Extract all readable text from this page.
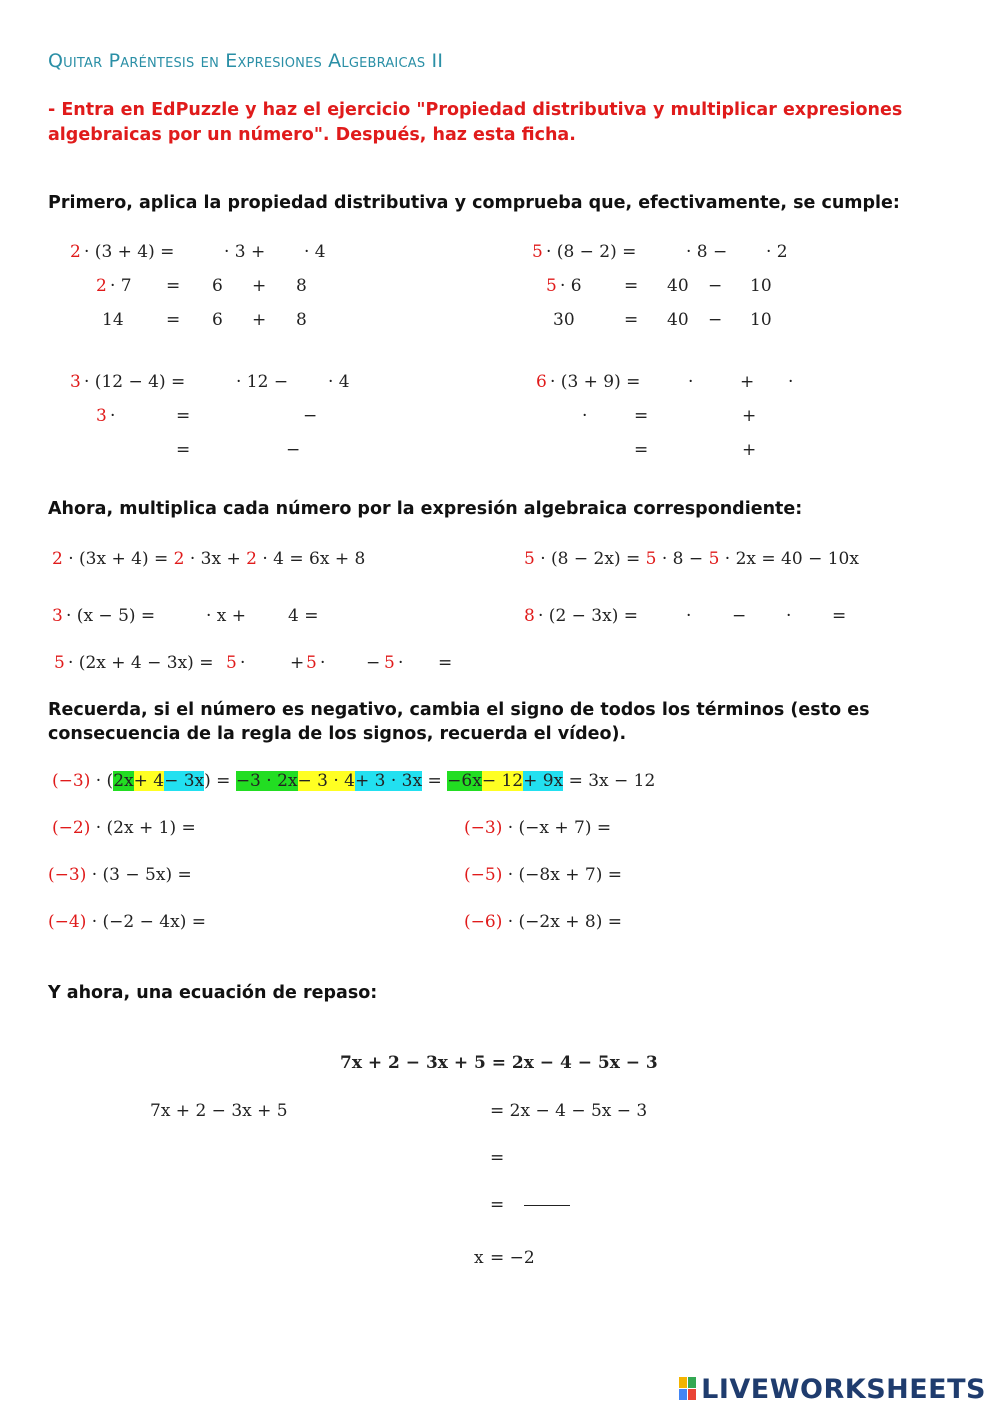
Quitar Paréntesis en Expresiones Algebraicas II
- Entra en EdPuzzle y haz el ejercicio "Propiedad distributiva y multiplicar expresiones algebraicas por un número". Después, haz esta ficha.
Primero, aplica la propiedad distributiva y comprueba que, efectivamente, se cumple:
2 · (3 + 4) =	· 3 + · 4
2 · 7 = 6 + 8
14 = 6 + 8
5 · (8 − 2) =	· 8 − · 2
5 · 6 = 40 − 10
30	= 40 − 10
3 · (12 − 4) =	· 12 − · 4
3 ·	=	−
=	−
6 · (3 + 9) =	·	+ ·
·	=	+
=	+
Ahora, multiplica cada número por la expresión algebraica correspondiente:
2 · (3x + 4) = 2 · 3x + 2 · 4 = 6x + 8	5 · (8 − 2x) = 5 · 8 − 5 · 2x = 40 − 10x
3 · (x − 5) =	· x + 4 =	8 · (2 − 3x) =	· − · =
5 · (2x + 4 − 3x) = 5 ·	+ 5 · − 5 · =
Recuerda, si el número es negativo, cambia el signo de todos los términos (esto es consecuencia de la regla de los signos, recuerda el vídeo).
(−3) · (2x+ 4− 3x) = −3 · 2x− 3 · 4+ 3 · 3x = −6x− 12+ 9x = 3x − 12
(−2) · (2x + 1) =	(−3) · (−x + 7) =
(−3) · (3 − 5x) =	(−5) · (−8x + 7) =
(−4) · (−2 − 4x) =	(−6) · (−2x + 8) =
Y ahora, una ecuación de repaso:
7x + 2 − 3x + 5 = 2x − 4 − 5x − 3
7x + 2 − 3x + 5	= 2x − 4 − 5x − 3
=
=
x = −2
LIVEWORKSHEETS
